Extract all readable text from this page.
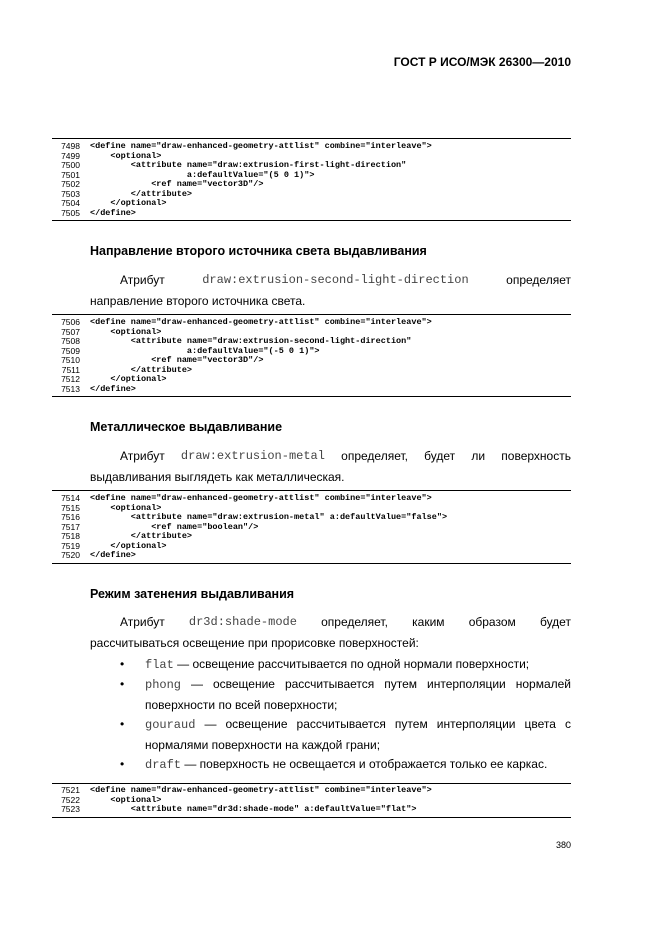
ГОСТ Р ИСО/МЭК 26300—2010
7498 <define name="draw-enhanced-geometry-attlist" combine="interleave">
7499 <optional>
7500 <attribute name="draw:extrusion-first-light-direction"
7501 a:defaultValue="(5 0 1)">
7502 <ref name="vector3D"/>
7503 </attribute>
7504 </optional>
7505 </define>
Направление второго источника света выдавливания
Атрибут	draw:extrusion-second-light-direction	определяет
направление второго источника света.
7506 <define name="draw-enhanced-geometry-attlist" combine="interleave">
7507 <optional>
7508 <attribute name="draw:extrusion-second-light-direction"
7509 a:defaultValue="(-5 0 1)">
7510 <ref name="vector3D"/>
7511 </attribute>
7512 </optional>
7513 </define>
Металлическое выдавливание
Атрибут draw:extrusion-metal определяет, будет ли поверхность
выдавливания выглядеть как металлическая.
7514 <define name="draw-enhanced-geometry-attlist" combine="interleave">
7515 <optional>
7516 <attribute name="draw:extrusion-metal" a:defaultValue="false">
7517 <ref name="boolean"/>
7518 </attribute>
7519 </optional>
7520 </define>
Режим затенения выдавливания
Атрибут dr3d:shade-mode определяет, каким образом будет
рассчитываться освещение при прорисовке поверхностей:
• flat — освещение рассчитывается по одной нормали поверхности;
• phong — освещение рассчитывается путем интерполяции нормалей поверхности по всей поверхности;
• gouraud — освещение рассчитывается путем интерполяции цвета с нормалями поверхности на каждой грани;
• draft — поверхность не освещается и отображается только ее каркас.
7521 <define name="draw-enhanced-geometry-attlist" combine="interleave">
7522 <optional>
7523 <attribute name="dr3d:shade-mode" a:defaultValue="flat">
380
